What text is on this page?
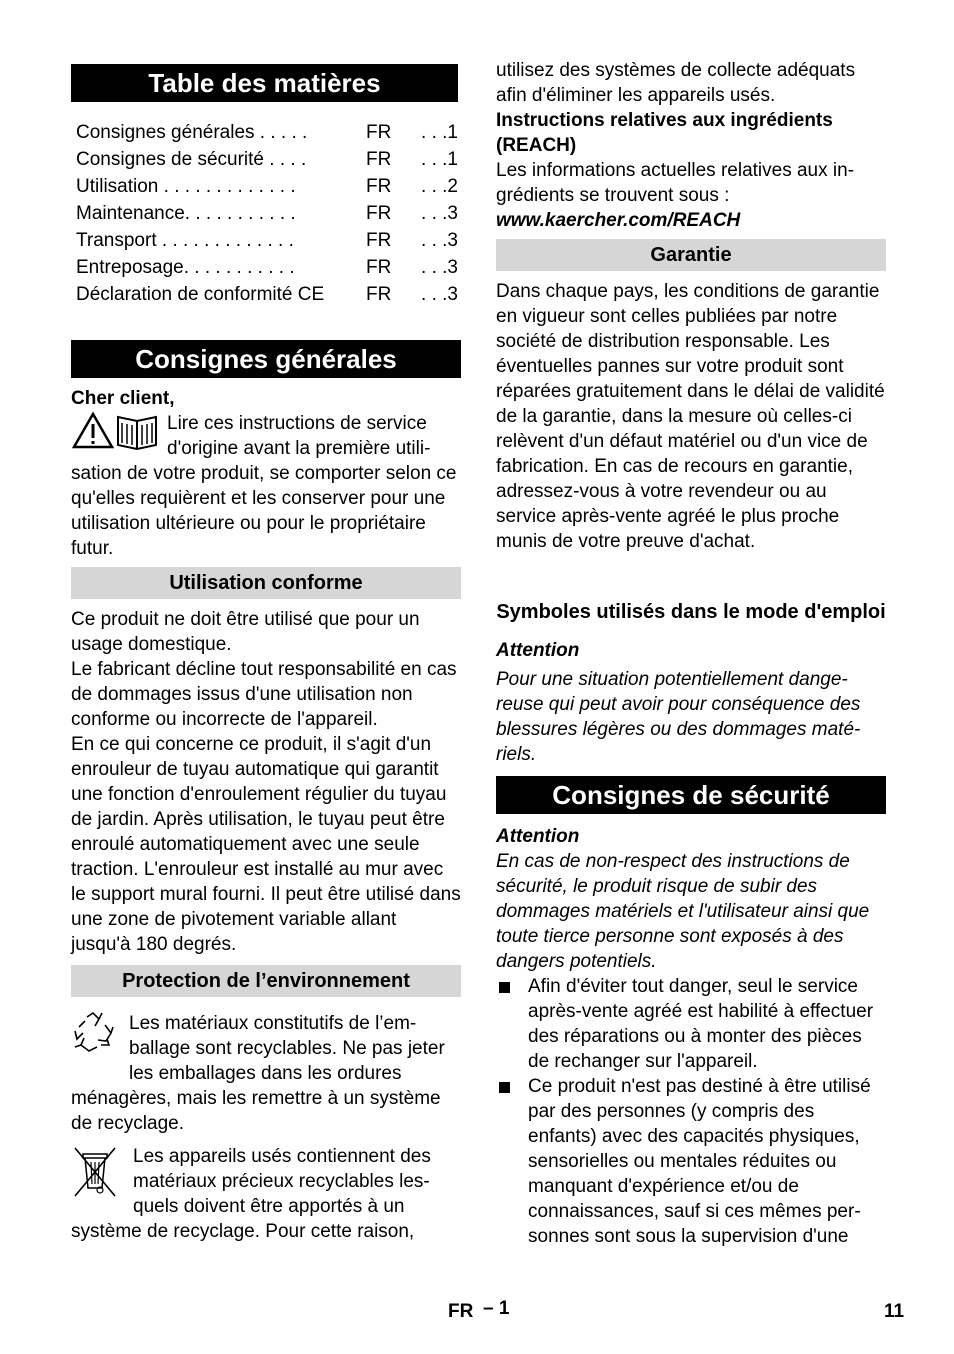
Table des matières
Consignes générales . . . . .	FR	. . .1
Consignes de sécurité . . . .	FR	. . .1
Utilisation . . . . . . . . . . . . .	FR	. . .2
Maintenance. . . . . . . . . . .	FR	. . .3
Transport . . . . . . . . . . . . .	FR	. . .3
Entreposage. . . . . . . . . . .	FR	. . .3
Déclaration de conformité CE	FR	. . .3
Consignes générales

Cher client,

Lire ces instructions de service d'origine avant la première utilisation de votre produit, se comporter selon ce qu'elles requièrent et les conserver pour une utilisation ultérieure ou pour le propriétaire futur.

Utilisation conforme

Ce produit ne doit être utilisé que pour un usage domestique.

Le fabricant décline tout responsabilité en cas de dommages issus d'une utilisation non conforme ou incorrecte de l'appareil.

En ce qui concerne ce produit, il s'agit d'un enrouleur de tuyau automatique qui garantit une fonction d'enroulement régulier du tuyau de jardin. Après utilisation, le tuyau peut être enroulé automatiquement avec une seule traction. L'enrouleur est installé au mur avec le support mural fourni. Il peut être utilisé dans une zone de pivotement variable allant jusqu'à 180 degrés.

Protection de l’environnement

Les matériaux constitutifs de l’emballage sont recyclables. Ne pas jeter les emballages dans les ordures ménagères, mais les remettre à un système de recyclage.

Les appareils usés contiennent des matériaux précieux recyclables lesquels doivent être apportés à un système de recyclage. Pour cette raison,

utilisez des systèmes de collecte adéquats afin d'éliminer les appareils usés.

Instructions relatives aux ingrédients (REACH)

Les informations actuelles relatives aux ingrédients se trouvent sous :

www.kaercher.com/REACH

Garantie

Dans chaque pays, les conditions de garantie en vigueur sont celles publiées par notre société de distribution responsable. Les éventuelles pannes sur votre produit sont réparées gratuitement dans le délai de validité de la garantie, dans la mesure où celles-ci relèvent d'un défaut matériel ou d'un vice de fabrication. En cas de recours en garantie, adressez-vous à votre revendeur ou au service après-vente agréé le plus proche munis de votre preuve d'achat.

Symboles utilisés dans le mode d'emploi

Attention

Pour une situation potentiellement dangereuse qui peut avoir pour conséquence des blessures légères ou des dommages matériels.

Consignes de sécurité

Attention

En cas de non-respect des instructions de sécurité, le produit risque de subir des dommages matériels et l'utilisateur ainsi que toute tierce personne sont exposés à des dangers potentiels.

Afin d'éviter tout danger, seul le service après-vente agréé est habilité à effectuer des réparations ou à monter des pièces de rechanger sur l'appareil.
Ce produit n'est pas destiné à être utilisé par des personnes (y compris des enfants) avec des capacités physiques, sensorielles ou mentales réduites ou manquant d'expérience et/ou de connaissances, sauf si ces mêmes personnes sont sous la supervision d'une
FR – 1	11
